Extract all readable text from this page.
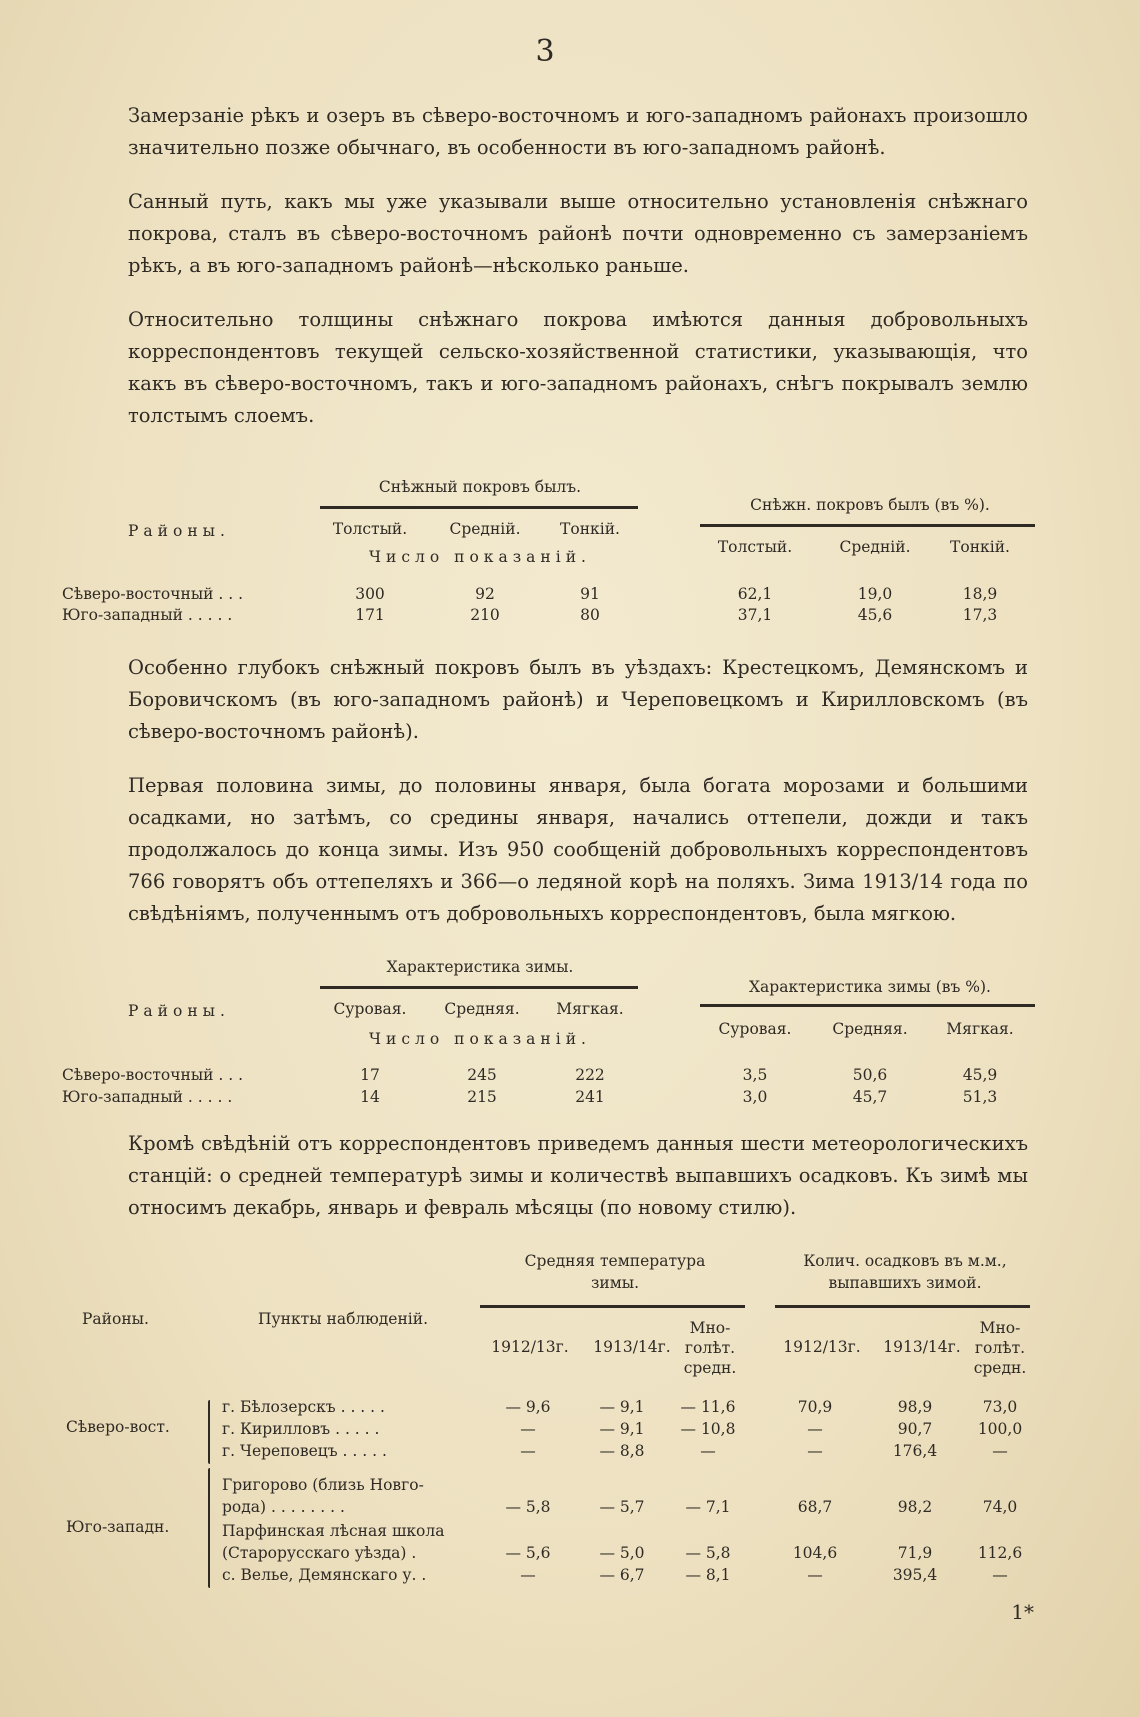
3

Замерзаніе рѣкъ и озеръ въ сѣверо-восточномъ и юго-западномъ районахъ произошло значительно позже обычнаго, въ особенности въ юго-западномъ районѣ.

Санный путь, какъ мы уже указывали выше относительно установленія снѣжнаго покрова, сталъ въ сѣверо-восточномъ районѣ почти одновременно съ замерзаніемъ рѣкъ, а въ юго-западномъ районѣ—нѣсколько раньше.

Относительно толщины снѣжнаго покрова имѣются данныя добровольныхъ корреспондентовъ текущей сельско-хозяйственной статистики, указывающія, что какъ въ сѣверо-восточномъ, такъ и юго-западномъ районахъ, снѣгъ покрывалъ землю толстымъ слоемъ.

Снѣжный покровъ былъ.
Снѣжн. покровъ былъ (въ %).
Районы.	Толстый.	Средній.	Тонкій.
Число показаній.
Толстый.	Средній.	Тонкій.
Сѣверо-восточный . . .	300	92	91	62,1	19,0	18,9
Юго-западный . . . . .	171	210	80	37,1	45,6	17,3

Особенно глубокъ снѣжный покровъ былъ въ уѣздахъ: Крестецкомъ, Демянскомъ и Боровичскомъ (въ юго-западномъ районѣ) и Череповецкомъ и Кирилловскомъ (въ сѣверо-восточномъ районѣ).

Первая половина зимы, до половины января, была богата морозами и большими осадками, но затѣмъ, со средины января, начались оттепели, дожди и такъ продолжалось до конца зимы. Изъ 950 сообщеній добровольныхъ корреспондентовъ 766 говорятъ объ оттепеляхъ и 366—о ледяной корѣ на поляхъ. Зима 1913/14 года по свѣдѣніямъ, полученнымъ отъ добровольныхъ корреспондентовъ, была мягкою.

Характеристика зимы.
Характеристика зимы (въ %).
Районы.	Суровая.	Средняя.	Мягкая.
Число показаній.
Суровая.	Средняя.	Мягкая.
Сѣверо-восточный . . .	17	245	222	3,5	50,6	45,9
Юго-западный . . . . .	14	215	241	3,0	45,7	51,3

Кромѣ свѣдѣній отъ корреспондентовъ приведемъ данныя шести метеорологическихъ станцій: о средней температурѣ зимы и количествѣ выпавшихъ осадковъ. Къ зимѣ мы относимъ декабрь, январь и февраль мѣсяцы (по новому стилю).

Средняя температура
зимы.
Колич. осадковъ въ м.м.,
выпавшихъ зимой.
Районы.	Пункты наблюденій.	Мно-
голѣт.
средн.
1912/13г.	1913/14г.
Мно-
голѣт.
средн.
1912/13г.	1913/14г.
Сѣверо-вост.
Юго-западн.
г. Бѣлозерскъ . . . . .	— 9,6	— 9,1	— 11,6	70,9	98,9	73,0
г. Кирилловъ . . . . .	—	— 9,1	— 10,8	—	90,7	100,0
г. Череповецъ . . . . .	—	— 8,8	—	—	176,4	—
Григорово (близь Новго-
рода) . . . . . . . .	— 5,8	— 5,7	— 7,1	68,7	98,2	74,0
Парфинская лѣсная школа
(Старорусскаго уѣзда) .	— 5,6	— 5,0	— 5,8	104,6	71,9	112,6
с. Велье, Демянскаго у. .	—	— 6,7	— 8,1	—	395,4	—
1*
